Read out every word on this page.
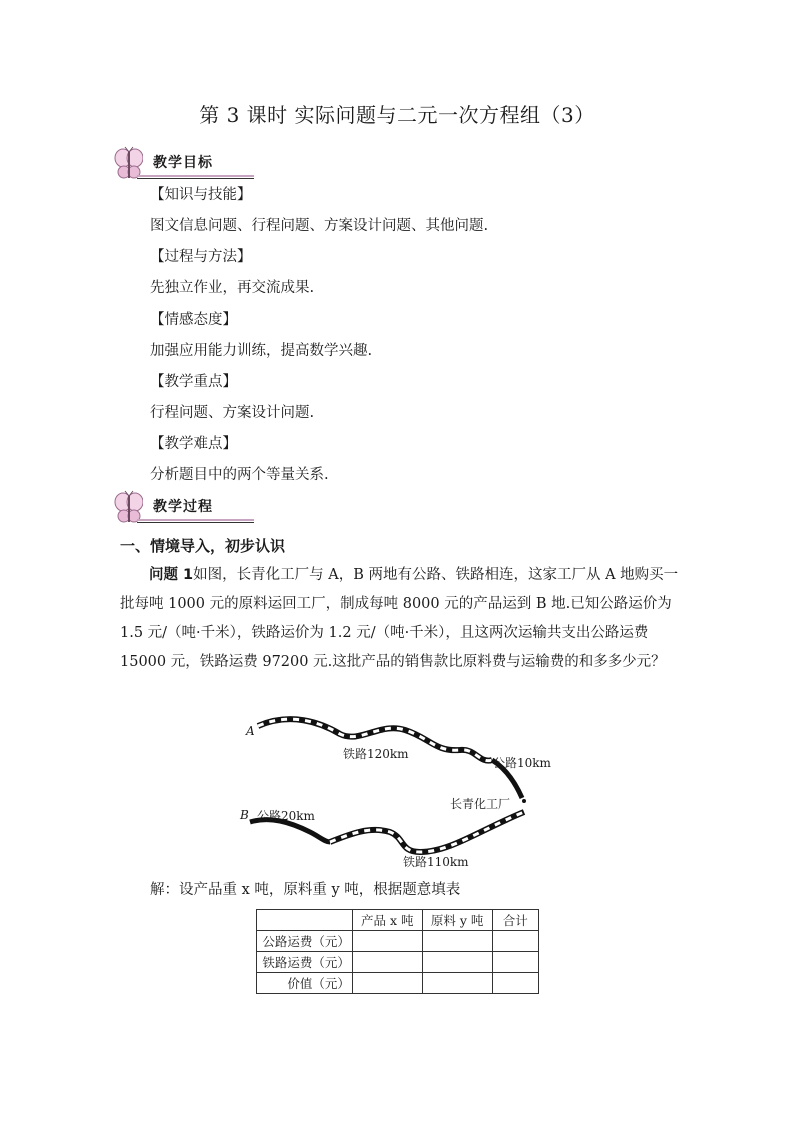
第 3 课时 实际问题与二元一次方程组（3）
教学目标
【知识与技能】
图文信息问题、行程问题、方案设计问题、其他问题.
【过程与方法】
先独立作业，再交流成果.
【情感态度】
加强应用能力训练，提高数学兴趣.
【教学重点】
行程问题、方案设计问题.
【教学难点】
分析题目中的两个等量关系.
教学过程
一、情境导入，初步认识
问题 1如图，长青化工厂与 A，B 两地有公路、铁路相连，这家工厂从 A 地购买一批每吨 1000 元的原料运回工厂，制成每吨 8000 元的产品运到 B 地.已知公路运价为 1.5 元/（吨·千米），铁路运价为 1.2 元/（吨·千米），且这两次运输共支出公路运费 15000 元，铁路运费 97200 元.这批产品的销售款比原料费与运输费的和多多少元？
A
铁路120km
公路10km
长青化工厂
B 公路20km
铁路110km
解：设产品重 x 吨，原料重 y 吨，根据题意填表
	产品 x 吨	原料 y 吨	合计
公路运费（元）			
铁路运费（元）			
价值（元）			
